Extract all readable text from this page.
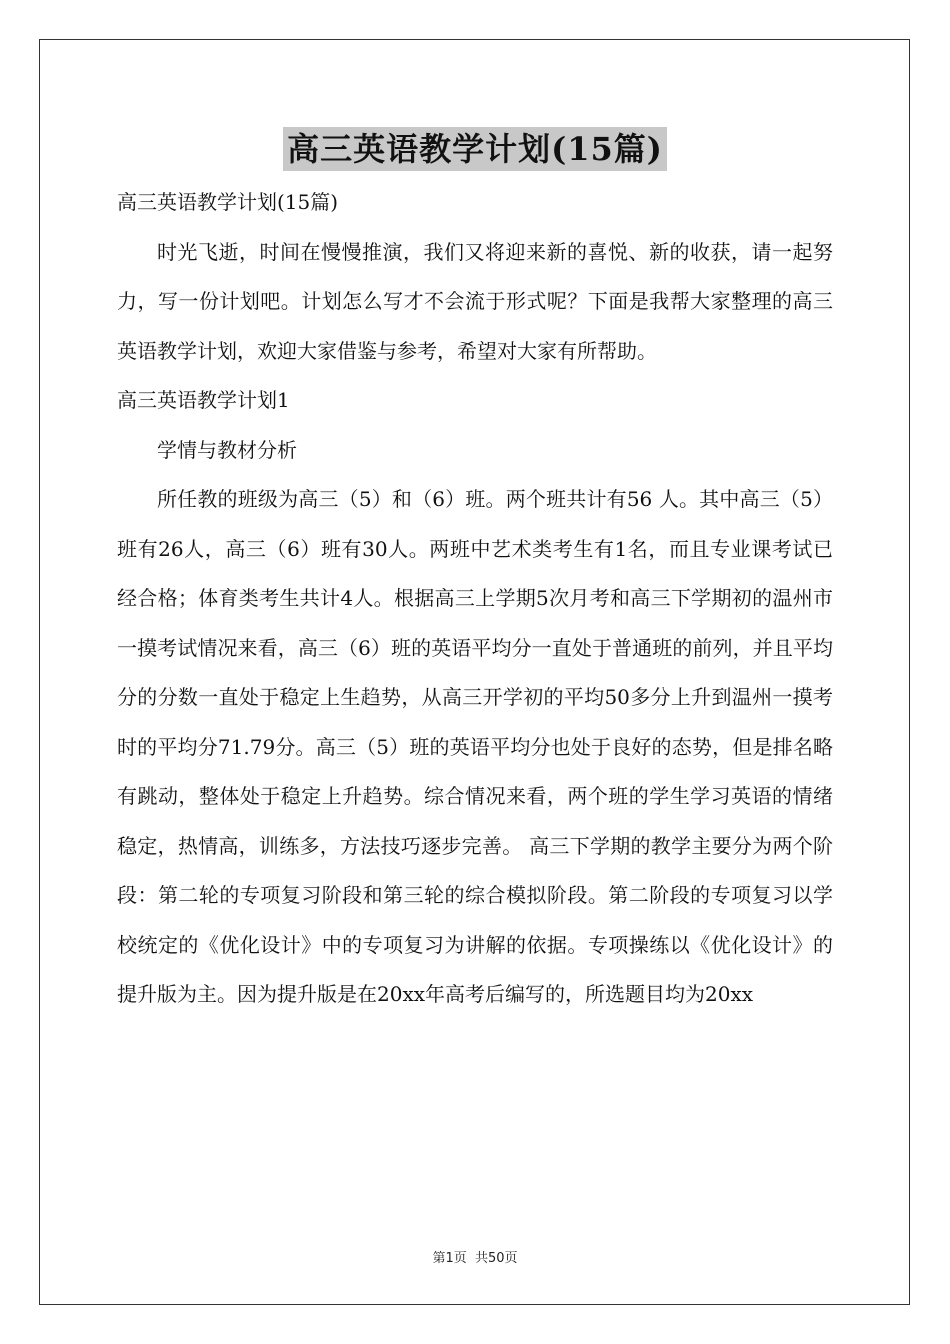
高三英语教学计划(15篇)
高三英语教学计划(15篇)
时光飞逝，时间在慢慢推演，我们又将迎来新的喜悦、新的收获，请一起努力，写一份计划吧。计划怎么写才不会流于形式呢？下面是我帮大家整理的高三英语教学计划，欢迎大家借鉴与参考，希望对大家有所帮助。
高三英语教学计划1
学情与教材分析
所任教的班级为高三（5）和（6）班。两个班共计有56 人。其中高三（5）班有26人，高三（6）班有30人。两班中艺术类考生有1名，而且专业课考试已经合格；体育类考生共计4人。根据高三上学期5次月考和高三下学期初的温州市一摸考试情况来看，高三（6）班的英语平均分一直处于普通班的前列，并且平均分的分数一直处于稳定上生趋势，从高三开学初的平均50多分上升到温州一摸考时的平均分71.79分。高三（5）班的英语平均分也处于良好的态势，但是排名略有跳动，整体处于稳定上升趋势。综合情况来看，两个班的学生学习英语的情绪稳定，热情高，训练多，方法技巧逐步完善。 高三下学期的教学主要分为两个阶段：第二轮的专项复习阶段和第三轮的综合模拟阶段。第二阶段的专项复习以学校统定的《优化设计》中的专项复习为讲解的依据。专项操练以《优化设计》的提升版为主。因为提升版是在20xx年高考后编写的，所选题目均为20xx
第1页 共50页
